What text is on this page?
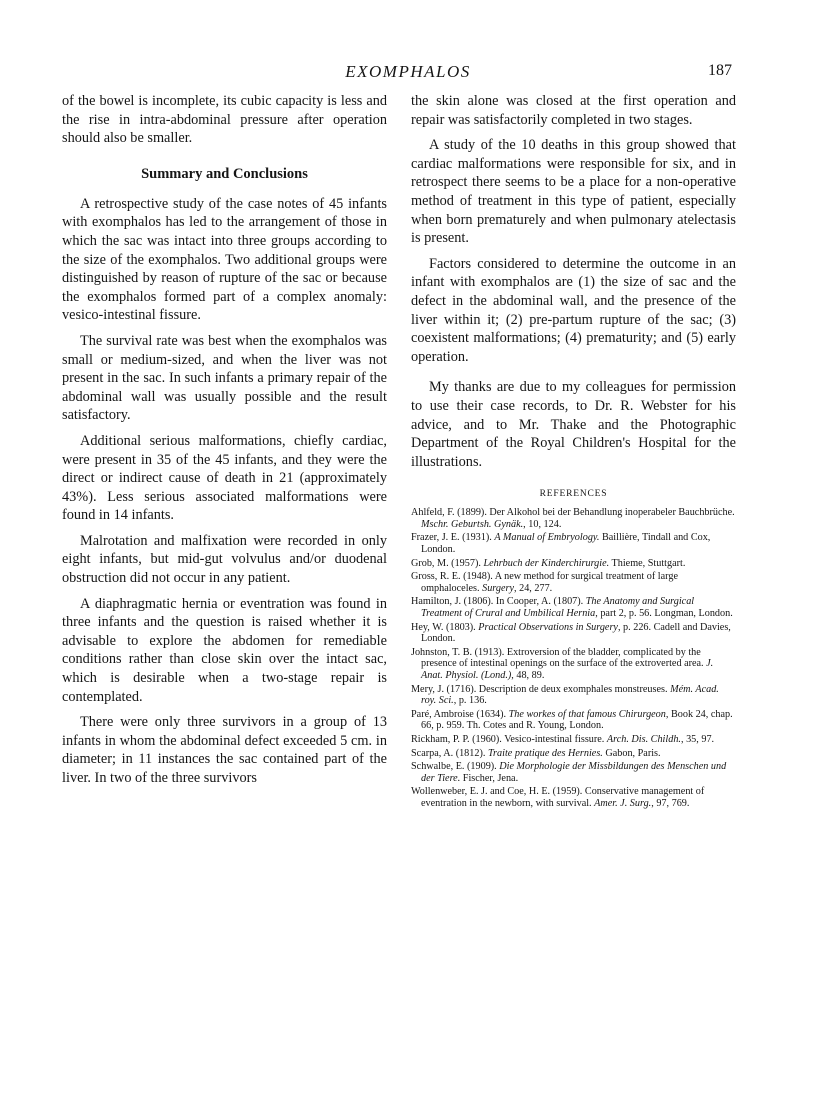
EXOMPHALOS	187

of the bowel is incomplete, its cubic capacity is less and the rise in intra-abdominal pressure after operation should also be smaller.

Summary and Conclusions

A retrospective study of the case notes of 45 infants with exomphalos has led to the arrangement of those in which the sac was intact into three groups according to the size of the exomphalos. Two additional groups were distinguished by reason of rupture of the sac or because the exomphalos formed part of a complex anomaly: vesico-intestinal fissure.

The survival rate was best when the exomphalos was small or medium-sized, and when the liver was not present in the sac. In such infants a primary repair of the abdominal wall was usually possible and the result satisfactory.

Additional serious malformations, chiefly cardiac, were present in 35 of the 45 infants, and they were the direct or indirect cause of death in 21 (approximately 43%). Less serious associated malformations were found in 14 infants.

Malrotation and malfixation were recorded in only eight infants, but mid-gut volvulus and/or duodenal obstruction did not occur in any patient.

A diaphragmatic hernia or eventration was found in three infants and the question is raised whether it is advisable to explore the abdomen for remediable conditions rather than close skin over the intact sac, which is desirable when a two-stage repair is contemplated.

There were only three survivors in a group of 13 infants in whom the abdominal defect exceeded 5 cm. in diameter; in 11 instances the sac contained part of the liver. In two of the three survivors

the skin alone was closed at the first operation and repair was satisfactorily completed in two stages.

A study of the 10 deaths in this group showed that cardiac malformations were responsible for six, and in retrospect there seems to be a place for a non-operative method of treatment in this type of patient, especially when born prematurely and when pulmonary atelectasis is present.

Factors considered to determine the outcome in an infant with exomphalos are (1) the size of sac and the defect in the abdominal wall, and the presence of the liver within it; (2) pre-partum rupture of the sac; (3) coexistent malformations; (4) prematurity; and (5) early operation.

My thanks are due to my colleagues for permission to use their case records, to Dr. R. Webster for his advice, and to Mr. Thake and the Photographic Department of the Royal Children's Hospital for the illustrations.

REFERENCES
Ahlfeld, F. (1899). Der Alkohol bei der Behandlung inoperabeler Bauchbrüche. Mschr. Geburtsh. Gynäk., 10, 124.
Frazer, J. E. (1931). A Manual of Embryology. Baillière, Tindall and Cox, London.
Grob, M. (1957). Lehrbuch der Kinderchirurgie. Thieme, Stuttgart.
Gross, R. E. (1948). A new method for surgical treatment of large omphaloceles. Surgery, 24, 277.
Hamilton, J. (1806). In Cooper, A. (1807). The Anatomy and Surgical Treatment of Crural and Umbilical Hernia, part 2, p. 56. Longman, London.
Hey, W. (1803). Practical Observations in Surgery, p. 226. Cadell and Davies, London.
Johnston, T. B. (1913). Extroversion of the bladder, complicated by the presence of intestinal openings on the surface of the extroverted area. J. Anat. Physiol. (Lond.), 48, 89.
Mery, J. (1716). Description de deux exomphales monstreuses. Mém. Acad. roy. Sci., p. 136.
Paré, Ambroise (1634). The workes of that famous Chirurgeon, Book 24, chap. 66, p. 959. Th. Cotes and R. Young, London.
Rickham, P. P. (1960). Vesico-intestinal fissure. Arch. Dis. Childh., 35, 97.
Scarpa, A. (1812). Traite pratique des Hernies. Gabon, Paris.
Schwalbe, E. (1909). Die Morphologie der Missbildungen des Menschen und der Tiere. Fischer, Jena.
Wollenweber, E. J. and Coe, H. E. (1959). Conservative management of eventration in the newborn, with survival. Amer. J. Surg., 97, 769.
